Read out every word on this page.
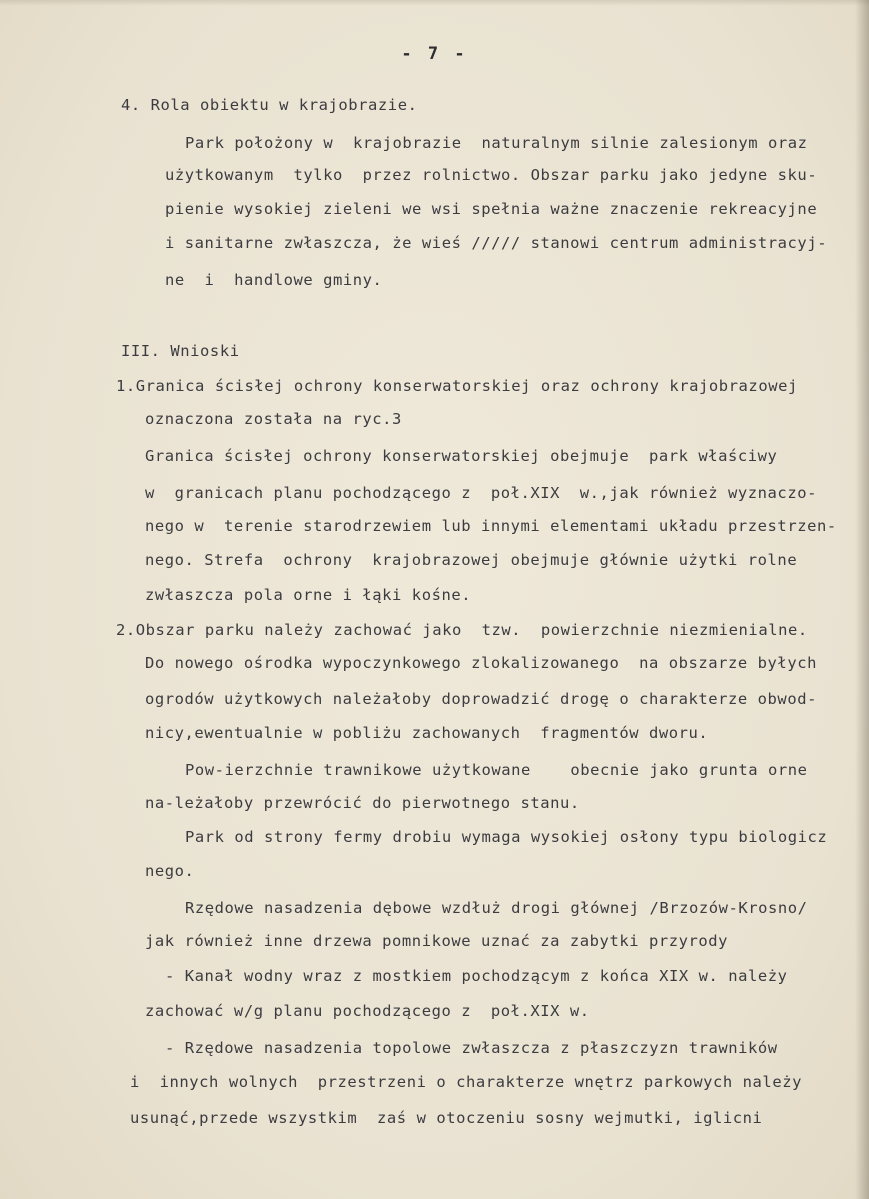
- 7 -
4. Rola obiektu w krajobrazie.
Park położony w  krajobrazie  naturalnym silnie zalesionym oraz
użytkowanym  tylko  przez rolnictwo. Obszar parku jako jedyne sku-
pienie wysokiej zieleni we wsi spełnia ważne znaczenie rekreacyjne
i sanitarne zwłaszcza, że wieś ///// stanowi centrum administracyj-
ne  i  handlowe gminy.
III. Wnioski
1.Granica ścisłej ochrony konserwatorskiej oraz ochrony krajobrazowej
oznaczona została na ryc.3
Granica ścisłej ochrony konserwatorskiej obejmuje  park właściwy
w  granicach planu pochodzącego z  poł.XIX  w.,jak również wyznaczo-
nego w  terenie starodrzewiem lub innymi elementami układu przestrzen-
nego. Strefa  ochrony  krajobrazowej obejmuje głównie użytki rolne
zwłaszcza pola orne i łąki kośne.
2.Obszar parku należy zachować jako  tzw.  powierzchnie niezmienialne.
Do nowego ośrodka wypoczynkowego zlokalizowanego  na obszarze byłych
ogrodów użytkowych należałoby doprowadzić drogę o charakterze obwod-
nicy,ewentualnie w pobliżu zachowanych  fragmentów dworu.
Pow-ierzchnie trawnikowe użytkowane    obecnie jako grunta orne
na-leżałoby przewrócić do pierwotnego stanu.
Park od strony fermy drobiu wymaga wysokiej osłony typu biologicz
nego.
Rzędowe nasadzenia dębowe wzdłuż drogi głównej /Brzozów-Krosno/
jak również inne drzewa pomnikowe uznać za zabytki przyrody
- Kanał wodny wraz z mostkiem pochodzącym z końca XIX w. należy
zachować w/g planu pochodzącego z  poł.XIX w.
- Rzędowe nasadzenia topolowe zwłaszcza z płaszczyzn trawników
i  innych wolnych  przestrzeni o charakterze wnętrz parkowych należy
usunąć,przede wszystkim  zaś w otoczeniu sosny wejmutki, iglicni
